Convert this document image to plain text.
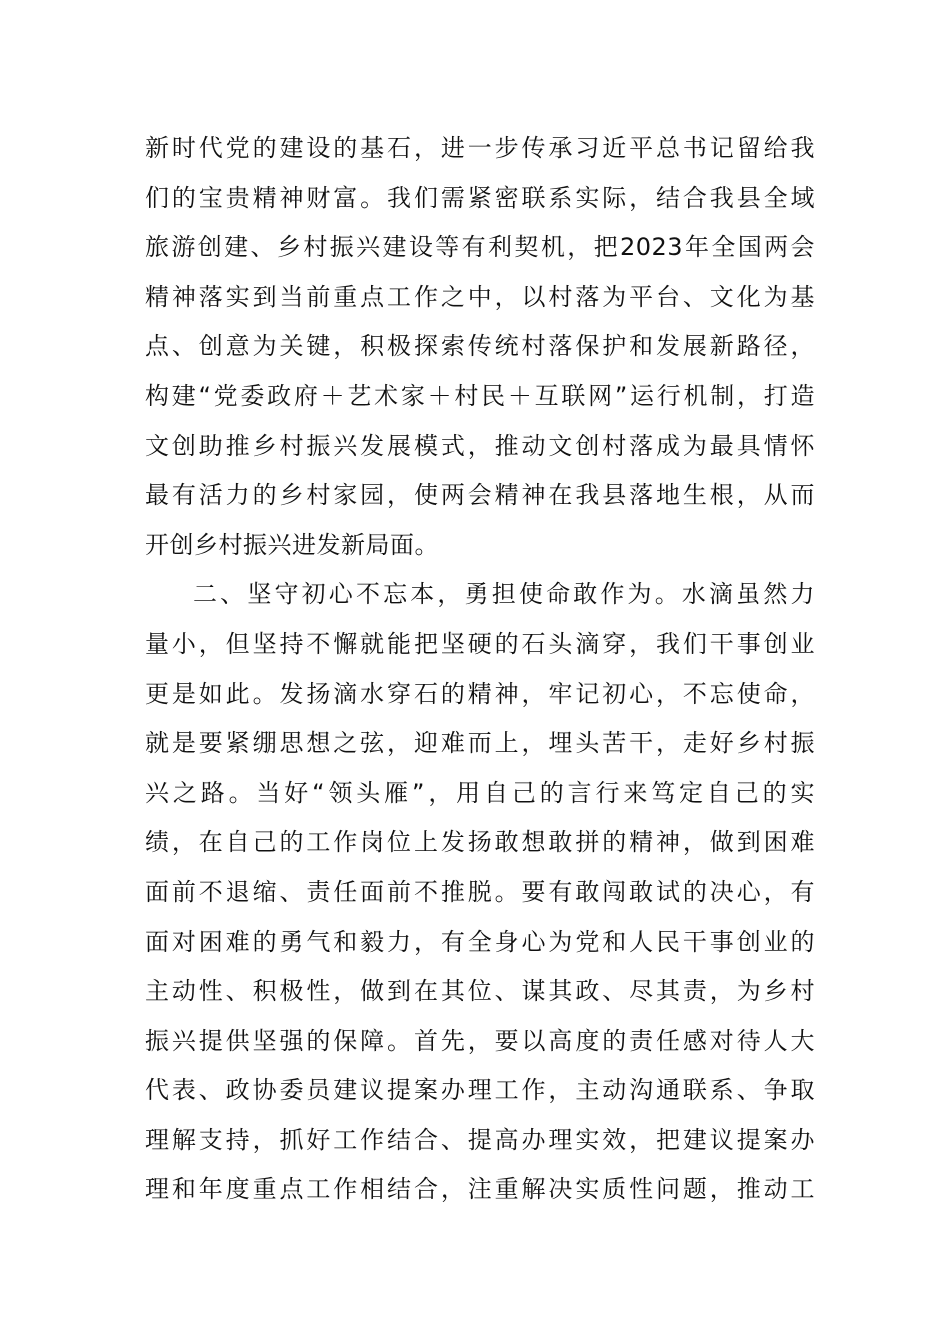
新时代党的建设的基石，进一步传承习近平总书记留给我
们的宝贵精神财富。我们需紧密联系实际，结合我县全域
旅游创建、乡村振兴建设等有利契机，把2023年全国两会
精神落实到当前重点工作之中，以村落为平台、文化为基
点、创意为关键，积极探索传统村落保护和发展新路径，
构建“党委政府＋艺术家＋村民＋互联网”运行机制，打造
文创助推乡村振兴发展模式，推动文创村落成为最具情怀
最有活力的乡村家园，使两会精神在我县落地生根，从而
开创乡村振兴进发新局面。
二、坚守初心不忘本，勇担使命敢作为。水滴虽然力
量小，但坚持不懈就能把坚硬的石头滴穿，我们干事创业
更是如此。发扬滴水穿石的精神，牢记初心，不忘使命，
就是要紧绷思想之弦，迎难而上，埋头苦干，走好乡村振
兴之路。当好“领头雁”，用自己的言行来笃定自己的实
绩，在自己的工作岗位上发扬敢想敢拼的精神，做到困难
面前不退缩、责任面前不推脱。要有敢闯敢试的决心，有
面对困难的勇气和毅力，有全身心为党和人民干事创业的
主动性、积极性，做到在其位、谋其政、尽其责，为乡村
振兴提供坚强的保障。首先，要以高度的责任感对待人大
代表、政协委员建议提案办理工作，主动沟通联系、争取
理解支持，抓好工作结合、提高办理实效，把建议提案办
理和年度重点工作相结合，注重解决实质性问题，推动工
